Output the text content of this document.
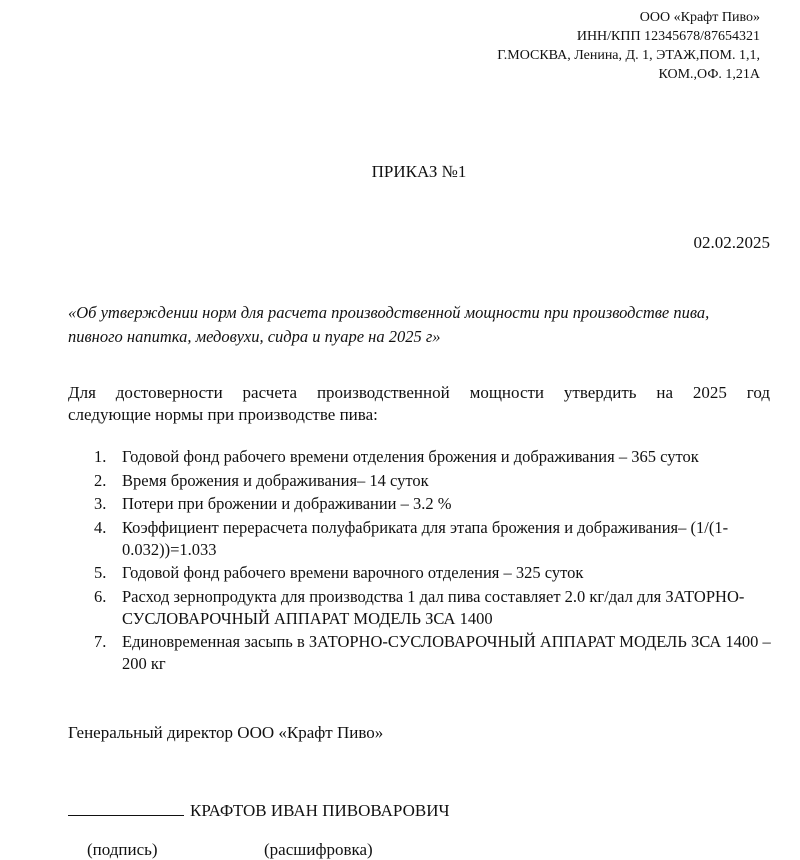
ООО «Крафт Пиво»
ИНН/КПП 12345678/87654321
Г.МОСКВА, Ленина, Д. 1, ЭТАЖ,ПОМ. 1,1,
КОМ.,ОФ. 1,21А
ПРИКАЗ №1
02.02.2025
«Об утверждении норм для расчета производственной мощности при производстве пива, пивного напитка, медовухи, сидра и пуаре на 2025 г»
Для достоверности расчета производственной мощности утвердить на 2025 год
следующие нормы при производстве пива:
1. Годовой фонд рабочего времени отделения брожения и дображивания – 365 суток
2. Время брожения и дображивания– 14 суток
3. Потери при брожении и дображивании – 3.2 %
4. Коэффициент перерасчета полуфабриката для этапа брожения и дображивания– (1/(1-0.032))=1.033
5. Годовой фонд рабочего времени варочного отделения – 325 суток
6. Расход зернопродукта для производства 1 дал пива составляет 2.0 кг/дал для ЗАТОРНО-СУСЛОВАРОЧНЫЙ АППАРАТ МОДЕЛЬ ЗСА 1400
7. Единовременная засыпь в ЗАТОРНО-СУСЛОВАРОЧНЫЙ АППАРАТ МОДЕЛЬ ЗСА 1400 – 200 кг
Генеральный директор ООО «Крафт Пиво»
КРАФТОВ ИВАН ПИВОВАРОВИЧ
(подпись)	(расшифровка)
